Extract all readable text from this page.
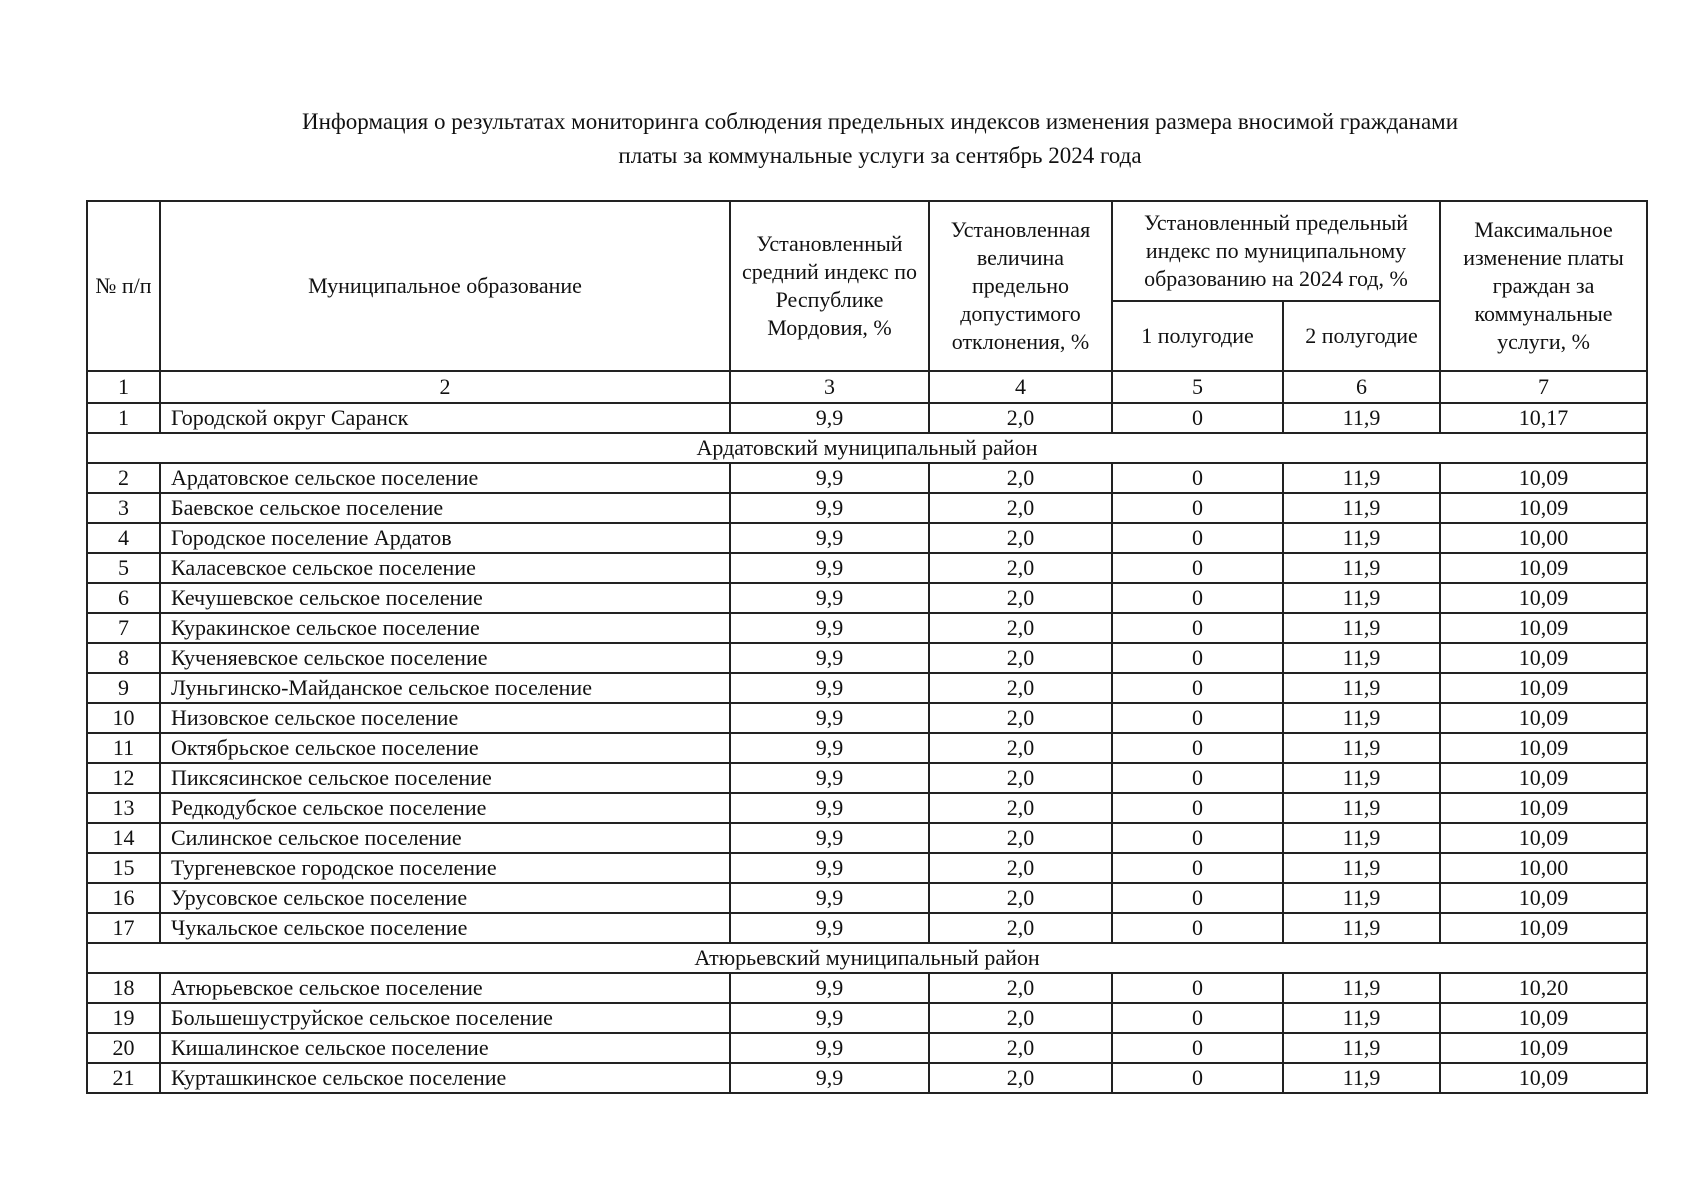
Информация о результатах мониторинга соблюдения предельных индексов изменения размера вносимой гражданами
платы за коммунальные услуги за сентябрь 2024 года
№ п/п	Муниципальное образование	Установленный средний индекс по Республике Мордовия, %	Установленная величина предельно допустимого отклонения, %	Установленный предельный индекс по муниципальному образованию на 2024 год, %		Максимальное изменение платы граждан за коммунальные услуги, %
				1 полугодие	2 полугодие	
1	2	3	4	5	6	7
1	Городской округ Саранск	9,9	2,0	0	11,9	10,17
Ардатовский муниципальный район						
2	Ардатовское сельское поселение	9,9	2,0	0	11,9	10,09
3	Баевское сельское поселение	9,9	2,0	0	11,9	10,09
4	Городское поселение Ардатов	9,9	2,0	0	11,9	10,00
5	Каласевское сельское поселение	9,9	2,0	0	11,9	10,09
6	Кечушевское сельское поселение	9,9	2,0	0	11,9	10,09
7	Куракинское сельское поселение	9,9	2,0	0	11,9	10,09
8	Кученяевское сельское поселение	9,9	2,0	0	11,9	10,09
9	Луньгинско-Майданское сельское поселение	9,9	2,0	0	11,9	10,09
10	Низовское сельское поселение	9,9	2,0	0	11,9	10,09
11	Октябрьское сельское поселение	9,9	2,0	0	11,9	10,09
12	Пиксясинское сельское поселение	9,9	2,0	0	11,9	10,09
13	Редкодубское сельское поселение	9,9	2,0	0	11,9	10,09
14	Силинское сельское поселение	9,9	2,0	0	11,9	10,09
15	Тургеневское городское поселение	9,9	2,0	0	11,9	10,00
16	Урусовское сельское поселение	9,9	2,0	0	11,9	10,09
17	Чукальское сельское поселение	9,9	2,0	0	11,9	10,09
Атюрьевский муниципальный район						
18	Атюрьевское сельское поселение	9,9	2,0	0	11,9	10,20
19	Большешуструйское сельское поселение	9,9	2,0	0	11,9	10,09
20	Кишалинское сельское поселение	9,9	2,0	0	11,9	10,09
21	Курташкинское сельское поселение	9,9	2,0	0	11,9	10,09
